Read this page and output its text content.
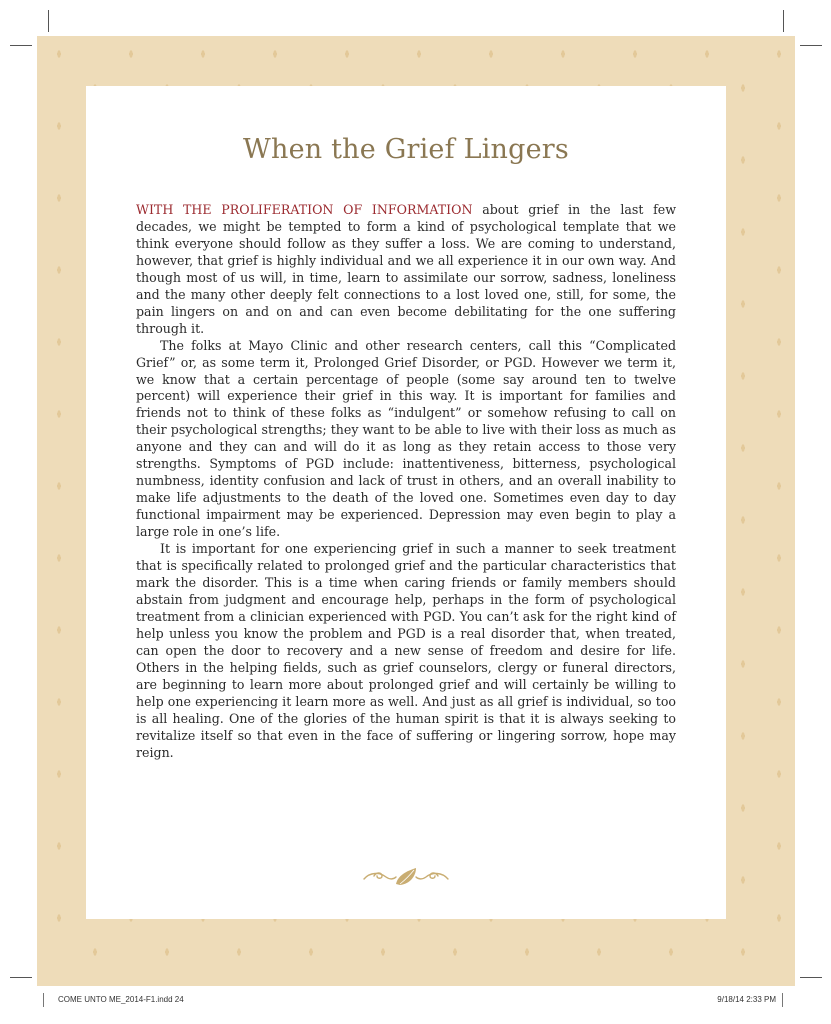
When the Grief Lingers

WITH THE PROLIFERATION OF INFORMATION about grief in the last few decades, we might be tempted to form a kind of psychological template that we think everyone should follow as they suffer a loss. We are coming to understand, however, that grief is highly individual and we all experience it in our own way. And though most of us will, in time, learn to assimilate our sorrow, sadness, loneliness and the many other deeply felt connections to a lost loved one, still, for some, the pain lingers on and on and can even become debilitating for the one suffering through it.

The folks at Mayo Clinic and other research centers, call this “Complicated Grief” or, as some term it, Prolonged Grief Disorder, or PGD. However we term it, we know that a certain percentage of people (some say around ten to twelve percent) will experience their grief in this way. It is important for families and friends not to think of these folks as “indulgent” or somehow refusing to call on their psychological strengths; they want to be able to live with their loss as much as anyone and they can and will do it as long as they retain access to those very strengths. Symptoms of PGD include: inattentiveness, bitterness, psychological numbness, identity confusion and lack of trust in others, and an overall inability to make life adjustments to the death of the loved one. Sometimes even day to day functional impairment may be experienced. Depression may even begin to play a large role in one’s life.

It is important for one experiencing grief in such a manner to seek treatment that is specifically related to prolonged grief and the particular characteristics that mark the disorder. This is a time when caring friends or family members should abstain from judgment and encourage help, perhaps in the form of psychological treatment from a clinician experienced with PGD. You can’t ask for the right kind of help unless you know the problem and PGD is a real disorder that, when treated, can open the door to recovery and a new sense of freedom and desire for life. Others in the helping fields, such as grief counselors, clergy or funeral directors, are beginning to learn more about prolonged grief and will certainly be willing to help one experiencing it learn more as well. And just as all grief is individual, so too is all healing. One of the glories of the human spirit is that it is always seeking to revitalize itself so that even in the face of suffering or lingering sorrow, hope may reign.

COME UNTO ME_2014-F1.indd 24	9/18/14 2:33 PM
